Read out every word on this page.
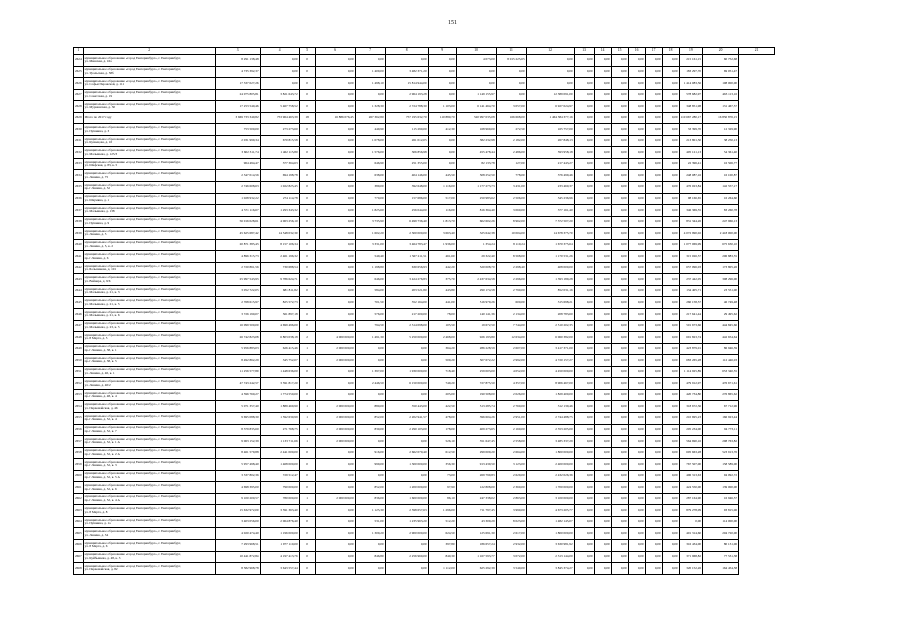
151
1	2	3	4	5	6	7	8	9	10	11	12	13	14	15	16	17	18	19	20	21
2624	муниципальное образование «город Екатеринбург», г. Екатеринбург,
ул. Минская, д. 16а	8 291 138,48	0,00	0	0,00	0,00	0,00	0,00	4 073,00	8 015 225,65	0,00	0,00	0,00	0,00	0,00	0,00	0,00	215 161,15	60 752,68	
2625	муниципальное образование «город Екатеринбург», г. Екатеринбург,
ул. Уральская, д. 58б	4 735 392,37	0,00	0	0,00	1 409,00	3 482 371,20	0,00	0,00	0,00	0,00	0,00	0,00	0,00	0,00	0,00	0,00	183 297,70	69 051,47	
2626	муниципальное образование «город Екатеринбург», г. Екатеринбург,
ул. Софьи Перовской, д. 111	17 337 027,26	0,00	0	0,00	1 498,10	15 814 944,00	0,00	0,00	0,00	0,00	0,00	0,00	0,00	0,00	0,00	0,00	1 414 083,56	108 000,00	
2627	муниципальное образование «город Екатеринбург», г. Екатеринбург,
ул. Советская, д. 19	24 075 805,81	3 821 643,72	0	0,00	0,00	2 964 193,28	0,00	1 149 155,97	0,00	12 389 091,00	0,00	0,00	0,00	0,00	0,00	0,00	578 682,97	463 113,16	
2628	муниципальное образование «город Екатеринбург», г. Екатеринбург,
ул. Мурманская, д. 30	17 253 540,46	5 467 758,52	0	0,00	1 328,30	2 724 788,30	1 103,00	6 141 464,70	3 057,00	6 927 024,97	0,00	0,00	0,00	0,00	0,00	0,00	348 851,98	131 467,57	
2629	Итого по 2017 году	3 669 733 340,82	753 964 463,39	18	16 886 076,45	267 362,80	757 195 632,70	110 880,70	520 997 035,08	166 668,00	1 464 384 377,16	0,00	0,00	0,00	0,00	0,00	0,00	110 667 280,17	16 850 876,15	
2630	муниципальное образование «город Екатеринбург», г. Екатеринбург,
ул. Пушкина, д. 3	753 500,00	273 273,60	0	0,00	449,90	115 290,00	412,30	168 969,00	272,50	165 757,00	0,00	0,00	0,00	0,00	0,00	0,00	33 399,70	12 329,90	
2631	муниципальное образование «город Екатеринбург», г. Екатеринбург,
ул. Кузнецова, д. 10	2 031 999,34	670 815,58	0	0,00	1 078,00	261 012,05	0,00	382 232,98	2 182,00	267 848,13	0,00	0,00	0,00	0,00	0,00	0,00	213 801,50	38 250,13	
2632	муниципальное образование «город Екатеринбург», г. Екатеринбург,
ул. Малышева, д. 125/3	3 602 311,74	1 462 115,80	0	0,00	1 576,00	306 856,98	0,00	455 478,44	2 486,00	593 958,18	0,00	0,00	0,00	0,00	0,00	0,00	405 121,13	54 361,40	
2633	муниципальное образование «город Екатеринбург», г. Екатеринбург,
ул. Шефская, д. 83, к. 5	964 494,47	377 364,63	0	0,00	646,90	251 355,00	0,00	82 133,78	127,00	217 443,27	0,00	0,00	0,00	0,00	0,00	0,00	22 396,41	16 506,77	
2634	муниципальное образование «город Екатеринбург», г. Екатеринбург,
ул. Ленина, д. 75	2 347 014,56	694 198,78	0	0,00	638,00	404 146,00	445,50	508 252,50	778,00	376 499,46	0,00	0,00	0,00	0,00	0,00	0,00	248 087,16	16 100,87	
2635	муниципальное образование «город Екатеринбург», г. Екатеринбург,
пр-т Ленина, д. 52	2 746 608,63	1 022 825,45	0	0,00	389,00	392 648,00	1 116,00	1 177 273,73	3 431,00	233 460,37	0,00	0,00	0,00	0,00	0,00	0,00	476 023,84	142 557,17	
2636	муниципальное образование «город Екатеринбург», г. Екатеринбург,
ул. Шаумяна, д. 1	1 028 932,22	274 114,78	0	0,00	770,00	157 686,00	517,00	250 983,62	2 506,00	345 236,96	0,00	0,00	0,00	0,00	0,00	0,00	98 166,65	16 264,60	
2637	муниципальное образование «город Екатеринбург», г. Екатеринбург,
ул. Малышева, д. 138	4 571 116,67	1 293 343,32	0	0,00	1 825,60	256 044,00	116,00	816 364,40	3 060,00	377 161,40	0,00	0,00	0,00	0,00	0,00	0,00	346 369,55	83 260,78	
2638	муниципальное образование «город Екатеринбург», г. Екатеринбург,
ул. Пушкина, д. 9	56 016 028,61	4 063 256,10	0	0,00	3 735,90	6 499 736,40	1 813,70	602 602,26	8 962,00	7 372 507,20	0,00	0,00	0,00	0,00	0,00	0,00	831 344,26	247 966,13	
2639	муниципальное образование «город Екатеринбург», г. Екатеринбург,
ул. Ленина, д. 5	45 625 687,42	14 548 032,30	0	0,00	1 602,20	2 300 000,00	3 663,40	325 642,38	10 004,00	14 678 375,70	0,00	0,00	0,00	0,00	0,00	0,00	4 072 990,02	2 418 000,00	
2640	муниципальное образование «город Екатеринбург», г. Екатеринбург,
ул. Ленина, д. 5, к. 2	20 871 385,43	8 157 106,34	0	0,00	3 331,00	3 464 783,47	1 936,00	1 354,24	8 110,24	1 670 375,64	0,00	0,00	0,00	0,00	0,00	0,00	1 077 069,99	675 630,10	
2641	муниципальное образование «город Екатеринбург», г. Екатеринбург,
пр-т Ленина, д. 6	4 896 315,73	2 461 196,32	0	0,00	549,40	1 567 211,51	461,60	29 322,40	8 568,00	1 170 531,26	0,00	0,00	0,00	0,00	0,00	0,00	315 026,57	206 883,55	
2642	муниципальное образование «город Екатеринбург», г. Екатеринбург,
ул. Большакова, д. 101	2 720 861,56	730 688,54	0	0,00	1 198,80	630 656,93	442,20	520 008,70	2 298,40	408 000,00	0,00	0,00	0,00	0,00	0,00	0,00	657 096,03	173 805,26	
2643	муниципальное образование «город Екатеринбург», г. Екатеринбург,
ул. Вайнера, д. 9/6	25 997 543,93	9 786 624,71	0	0,00	646,00	3 424 276,83	375,70	2 437 634,58	2 296,00	1 393 189,28	0,00	0,00	0,00	0,00	0,00	0,00	237 442,05	308 296,00	
2644	муниципальное образование «город Екатеринбург», г. Екатеринбург,
ул. Малышева, д. 21, к. 3	3 052 722,05	681 811,82	0	0,00	584,00	203 521,80	443,80	290 174,58	2 790,00	852 031,16	0,00	0,00	0,00	0,00	0,00	0,00	134 405,71	23 551,00	
2645	муниципальное образование «город Екатеринбург», г. Екатеринбург,
ул. Малышева, д. 21, к. 5	2 768 615,97	825 572,73	0	0,00	701,50	352 164,00	441,00	516 979,26	600,00	315 698,21	0,00	0,00	0,00	0,00	0,00	0,00	260 158,57	46 749,48	
2646	муниципальное образование «город Екатеринбург», г. Екатеринбург,
ул. Малышева, д. 21, к. 6	3 726 190,07	561 897,18	0	0,00	576,00	217 200,00	78,00	140 141,36	2 134,00	208 783,60	0,00	0,00	0,00	0,00	0,00	0,00	217 641,44	29 495,62	
2647	муниципальное образование «город Екатеринбург», г. Екатеринбург,
ул. Малышева, д. 23, к. 5	16 099 500,00	4 699 496,00	0	0,00	794,50	2 314 098,00	105,50	19 672,50	7 744,00	2 510 202,35	0,00	0,00	0,00	0,00	0,00	0,00	501 673,66	444 845,66	
2648	муниципальное образование «город Екатеринбург», г. Екатеринбург,
ул. 8 Марта, д. 5	26 742 823,08	6 803 038,18	2	4 000 000,00	1 491,30	5 250 000,00	2 468,00	926 193,80	12 634,00	6 060 382,00	0,00	0,00	0,00	0,00	0,00	0,00	691 823,74	442 654,64	
2649	муниципальное образование «город Екатеринбург», г. Екатеринбург,
пр-т Ленина, д. 38, к. 1	5 956 883,03	626 415,46	1	2 000 000,00	0,00	0,00	364,20	286 228,59	2 607,00	3 417 371,00	0,00	0,00	0,00	0,00	0,00	0,00	423 879,01	86 946,59	
2650	муниципальное образование «город Екатеринбург», г. Екатеринбург,
пр-т Ленина, д. 38, к. 5	8 492 862,29	345 752,07	1	2 000 000,00	0,00	0,00	509,20	507 672,22	2 992,00	4 720 157,27	0,00	0,00	0,00	0,00	0,00	0,00	683 265,28	112 446,03	
2651	муниципальное образование «город Екатеринбург», г. Екатеринбург,
ул. Ленина, д. 40, к. 1	11 256 577,89	1 448 636,00	0	0,00	1 397,00	1 930 000,00	718,40	259 003,00	4 052,00	4 450 000,00	0,00	0,00	0,00	0,00	0,00	0,00	1 114 925,89	653 340,55	
2652	муниципальное образование «город Екатеринбург», г. Екатеринбург,
ул. Ленина, д. 40/2	47 743 242,57	3 591 817,20	0	0,00	2 446,50	6 150 000,00	749,20	727 875,50	4 357,00	8 906 467,00	0,00	0,00	0,00	0,00	0,00	0,00	479 912,97	476 671,61	
2653	муниципальное образование «город Екатеринбург», г. Екатеринбург,
пр-т Ленина, д. 48, к. 4	4 596 760,27	1 774 550,00	0	0,00	0,00	0,00	205,00	190 508,00	2 026,00	1 829 400,00	0,00	0,00	0,00	0,00	0,00	0,00	420 734,80	276 865,62	
2654	муниципальное образование «город Екатеринбург», г. Екатеринбург,
ул. Первомайская, д. 46	5 071 357,40	1 889 469,90	1	2 000 000,00	880,00	350 443,00	422,50	513 285,74	2 760,00	312 139,46	0,00	0,00	0,00	0,00	0,00	0,00	318 672,36	67 712,96	
2655	муниципальное образование «город Екатеринбург», г. Екатеринбург,
пр-т Ленина, д. 52, к. 4	9 695 088,30	1 592 630,99	1	2 000 000,00	852,00	2 202 941,57	478,00	396 604,26	2 951,00	2 744 488,75	0,00	0,00	0,00	0,00	0,00	0,00	210 695,23	166 923,44	
2656	муниципальное образование «город Екатеринбург», г. Екатеринбург,
пр-т Ленина, д. 52, к. 7	8 379 835,60	271 768,75	1	2 000 000,00	830,00	2 290 103,00	178,00	409 273,65	2 160,00	2 353 205,00	0,00	0,00	0,00	0,00	0,00	0,00	205 234,00	94 773,11	
2657	муниципальное образование «город Екатеринбург», г. Екатеринбург,
пр-т Ленина, д. 52, к. 1 А	9 063 152,39	1 133 711,66	1	2 000 000,00	0,00	0,00	526,10	351 647,45	2 558,00	3 485 337,29	0,00	0,00	0,00	0,00	0,00	0,00	564 690,16	298 763,82	
2658	муниципальное образование «город Екатеринбург», г. Екатеринбург,
пр-т Ленина, д. 52, к. 2 А	8 461 579,88	2 441 000,00	0	0,00	916,00	2 662 070,40	612,50	299 009,20	2 664,00	1 800 000,00	0,00	0,00	0,00	0,00	0,00	0,00	605 663,28	523 913,76	
2659	муниципальное образование «город Екатеринбург», г. Екатеринбург,
пр-т Ленина, д. 52, к. 3	5 957 498,40	1 468 000,00	0	0,00	999,00	1 300 000,00	356,30	913 439,50	3 123,00	2 400 000,00	0,00	0,00	0,00	0,00	0,00	0,00	767 507,00	158 589,00	
2660	муниципальное образование «город Екатеринбург», г. Екатеринбург,
пр-т Ленина, д. 52, к. 5 А	3 337 802,36	729 512,47	0	0,00	0,00	0,00	73,00	269 799,83	2 629,00	2 432 026,36	0,00	0,00	0,00	0,00	0,00	0,00	496 313,63	94 092,72	
2661	муниципальное образование «город Екатеринбург», г. Екатеринбург,
пр-т Ленина, д. 52, к. 6	4 698 395,00	790 000,00	0	0,00	852,00	1 200 000,00	97,90	122 808,00	2 360,00	1 700 000,00	0,00	0,00	0,00	0,00	0,00	0,00	424 550,00	139 000,00	
2662	муниципальное образование «город Екатеринбург», г. Екатеринбург,
пр-т Ленина, д. 52, к. 4 А	9 100 200,57	780 000,00	1	2 000 000,00	836,00	1 600 000,00	86,10	247 338,02	2 863,00	3 100 000,00	0,00	0,00	0,00	0,00	0,00	0,00	287 164,90	16 946,57	
2663	муниципальное образование «город Екатеринбург», г. Екатеринбург,
ул. 8 Марта, д. 8	15 632 972,00	3 591 363,40	0	0,00	1 125,30	2 598 657,63	1 296,00	711 797,45	3 990,00	4 673 205,77	0,00	0,00	0,00	0,00	0,00	0,00	879 278,09	93 815,06	
2664	муниципальное образование «город Екатеринбург», г. Екатеринбург,
ул. Пушкина, д. 1а	3 403 056,00	2 064 876,40	0	0,00	531,00	1 235 963,20	512,20	43 309,29	8 023,00	1 482 145,07	0,00	0,00	0,00	0,00	0,00	0,00	0,00	114 000,00	
2665	муниципальное образование «город Екатеринбург», г. Екатеринбург,
ул. Ленина, д. 34	4 020 474,40	1 196 000,00	0	0,00	1 309,20	2 900 000,00	624,50	125 691,30	2 617,00	1 800 000,00	0,00	0,00	0,00	0,00	0,00	0,00	401 314,60	204 720,00	
2666	муниципальное образование «город Екатеринбург», г. Екатеринбург,
ул. 8 Марта, д. 6	7 293 968,51	1 977 110,00	0	0,00	0,00	0,00	397,80	186 657,24	2 932,00	3 630 981,92	0,00	0,00	0,00	0,00	0,00	0,00	316 434,00	80 131,06	
2667	муниципальное образование «город Екатеринбург», г. Екатеринбург,
ул. Куйбышева, д. 48, к. 3	10 441 872,84	4 197 413,76	0	0,00	846,80	2 256 960,00	840,30	1 167 593,77	3 072,00	2 313 144,00	0,00	0,00	0,00	0,00	0,00	0,00	371 968,82	77 531,38	
2668	муниципальное образование «город Екатеринбург», г. Екатеринбург,
ул. Первомайская, д. 82	8 582 968,78	3 643 557,44	0	0,00	0,00	0,00	1 112,00	625 292,39	3 540,00	3 845 374,27	0,00	0,00	0,00	0,00	0,00	0,00	320 152,26	164 454,58	
